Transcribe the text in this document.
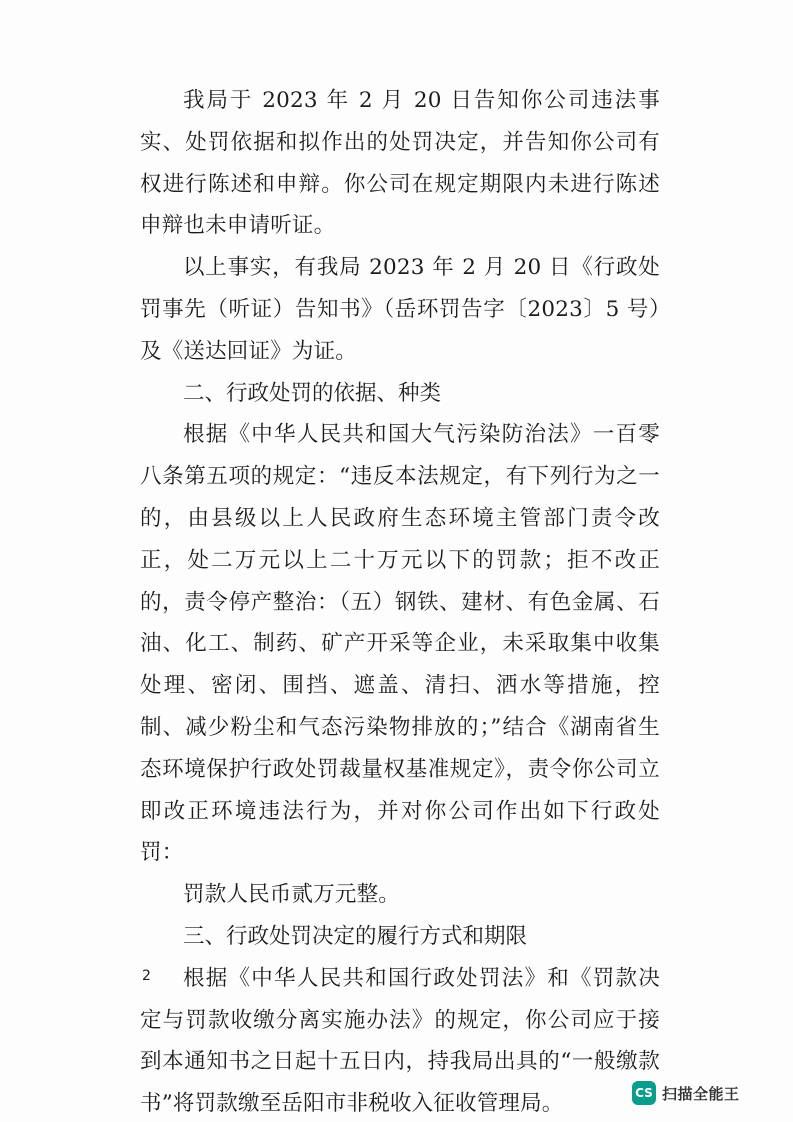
我局于 2023 年 2 月 20 日告知你公司违法事实、处罚依据和拟作出的处罚决定，并告知你公司有权进行陈述和申辩。你公司在规定期限内未进行陈述申辩也未申请听证。

以上事实，有我局 2023 年 2 月 20 日《行政处罚事先（听证）告知书》（岳环罚告字〔2023〕5 号）及《送达回证》为证。

二、行政处罚的依据、种类

根据《中华人民共和国大气污染防治法》一百零八条第五项的规定：“违反本法规定，有下列行为之一的，由县级以上人民政府生态环境主管部门责令改正，处二万元以上二十万元以下的罚款；拒不改正的，责令停产整治：（五）钢铁、建材、有色金属、石油、化工、制药、矿产开采等企业，未采取集中收集处理、密闭、围挡、遮盖、清扫、洒水等措施，控制、减少粉尘和气态污染物排放的；”结合《湖南省生态环境保护行政处罚裁量权基准规定》，责令你公司立即改正环境违法行为，并对你公司作出如下行政处罚：

罚款人民币贰万元整。

三、行政处罚决定的履行方式和期限

根据《中华人民共和国行政处罚法》和《罚款决定与罚款收缴分离实施办法》的规定，你公司应于接到本通知书之日起十五日内，持我局出具的“一般缴款书”将罚款缴至岳阳市非税收入征收管理局。

2
CS 扫描全能王
